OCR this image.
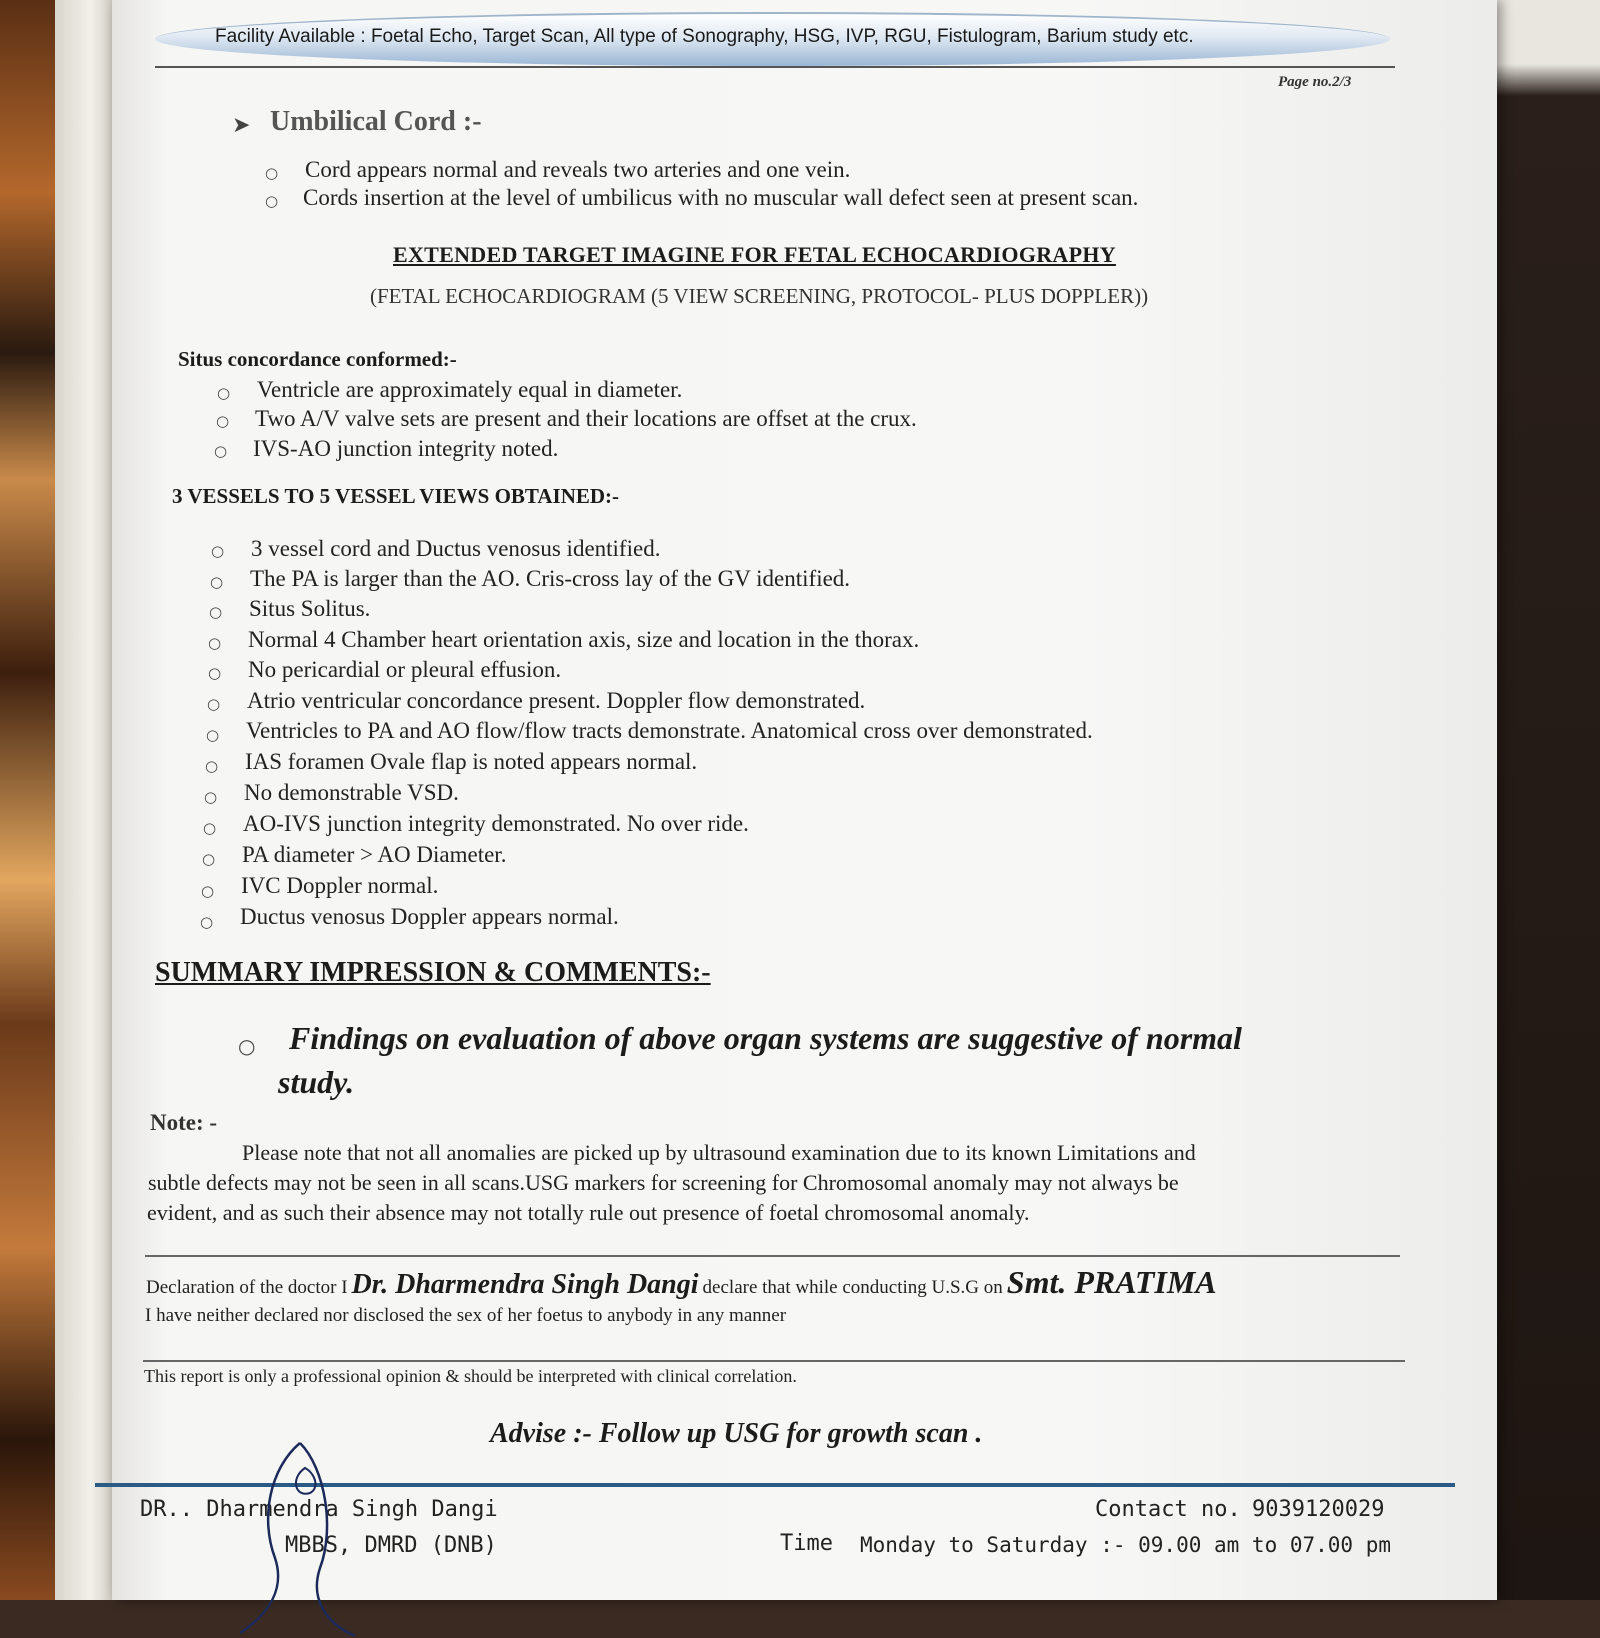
Facility Available : Foetal Echo, Target Scan, All type of Sonography, HSG, IVP, RGU, Fistulogram, Barium study etc.
Page no.2/3
➤ Umbilical Cord :-
○ Cord appears normal and reveals two arteries and one vein.
○ Cords insertion at the level of umbilicus with no muscular wall defect seen at present scan.
EXTENDED TARGET IMAGINE FOR FETAL ECHOCARDIOGRAPHY
(FETAL ECHOCARDIOGRAM (5 VIEW SCREENING, PROTOCOL- PLUS DOPPLER))
Situs concordance conformed:-
○ Ventricle are approximately equal in diameter.
○ Two A/V valve sets are present and their locations are offset at the crux.
○ IVS-AO junction integrity noted.
3 VESSELS TO 5 VESSEL VIEWS OBTAINED:-
○ 3 vessel cord and Ductus venosus identified.
○ The PA is larger than the AO. Cris-cross lay of the GV identified.
○ Situs Solitus.
○ Normal 4 Chamber heart orientation axis, size and location in the thorax.
○ No pericardial or pleural effusion.
○ Atrio ventricular concordance present. Doppler flow demonstrated.
○ Ventricles to PA and AO flow/flow tracts demonstrate. Anatomical cross over demonstrated.
○ IAS foramen Ovale flap is noted appears normal.
○ No demonstrable VSD.
○ AO-IVS junction integrity demonstrated. No over ride.
○ PA diameter > AO Diameter.
○ IVC Doppler normal.
○ Ductus venosus Doppler appears normal.
SUMMARY IMPRESSION & COMMENTS:-
○ Findings on evaluation of above organ systems are suggestive of normal
study.
Note: -
Please note that not all anomalies are picked up by ultrasound examination due to its known Limitations and
subtle defects may not be seen in all scans.USG markers for screening for Chromosomal anomaly may not always be
evident, and as such their absence may not totally rule out presence of foetal chromosomal anomaly.
Declaration of the doctor I Dr. Dharmendra Singh Dangi declare that while conducting U.S.G on Smt. PRATIMA
I have neither declared nor disclosed the sex of her foetus to anybody in any manner
This report is only a professional opinion & should be interpreted with clinical correlation.
Advise :- Follow up USG for growth scan .
DR.. Dharmendra Singh Dangi
MBBS, DMRD (DNB)
Contact no. 9039120029
Time Monday to Saturday :- 09.00 am to 07.00 pm
